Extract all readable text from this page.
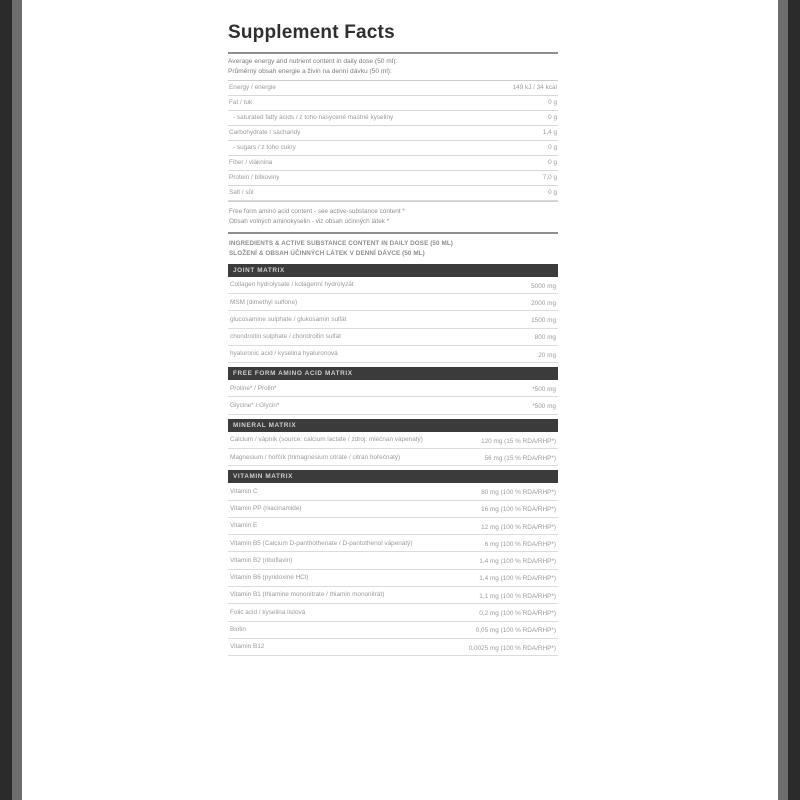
Supplement Facts
Average energy and nutrient content in daily dose (50 ml):
Průměrný obsah energie a živin na denní dávku (50 ml):
Energy / energie	149 kJ / 34 kcal
Fat / tuk	0 g
- saturated fatty acids / z toho nasycené mastné kyseliny	0 g
Carbohydrate / sacharidy	1,4 g
- sugars / z toho cukry	0 g
Fiber / vláknina	0 g
Protein / bílkoviny	7,0 g
Salt / sůl	0 g
Free form amino acid content - see active-substance content *
Obsah volných aminokyselin - viz obsah účinných látek *
INGREDIENTS & ACTIVE SUBSTANCE CONTENT IN DAILY DOSE (50 ML)
SLOŽENÍ & OBSAH ÚČINNÝCH LÁTEK V DENNÍ DÁVCE (50 ML)
JOINT MATRIX
Collagen hydrolysate / kolagenní hydrolyzát	5000 mg
MSM (dimethyl sulfone)	2000 mg
glucosamine sulphate / glukosamin sulfát	1500 mg
chondroitin sulphate / chondroitin sulfát	800 mg
hyaluronic acid / kyselina hyaluronová	20 mg
FREE FORM AMINO ACID MATRIX
Proline* / Prolin*	*500 mg
Glycine* / Glycin*	*500 mg
MINERAL MATRIX
Calcium / vápník (source: calcium lactate / zdroj: mléčnan vápenatý)	120 mg (15 % RDA/RHP*)
Magnesium / hořčík (trimagnesium citrate / citran hořečnatý)	56 mg (15 % RDA/RHP*)
VITAMIN MATRIX
Vitamin C	80 mg (100 % RDA/RHP*)
Vitamin PP (niacinamide)	16 mg (100 % RDA/RHP*)
Vitamin E	12 mg (100 % RDA/RHP*)
Vitamin B5 (Calcium D-panthothenate / D-pantothenol vápenatý)	6 mg (100 % RDA/RHP*)
Vitamin B2 (riboflavin)	1,4 mg (100 % RDA/RHP*)
Vitamin B6 (pyridoxine HCl)	1,4 mg (100 % RDA/RHP*)
Vitamin B1 (thiamine mononitrate / thiamin mononitrát)	1,1 mg (100 % RDA/RHP*)
Folic acid / kyselina listová	0,2 mg (100 % RDA/RHP*)
Biotin	0,05 mg (100 % RDA/RHP*)
Vitamin B12	0,0025 mg (100 % RDA/RHP*)
